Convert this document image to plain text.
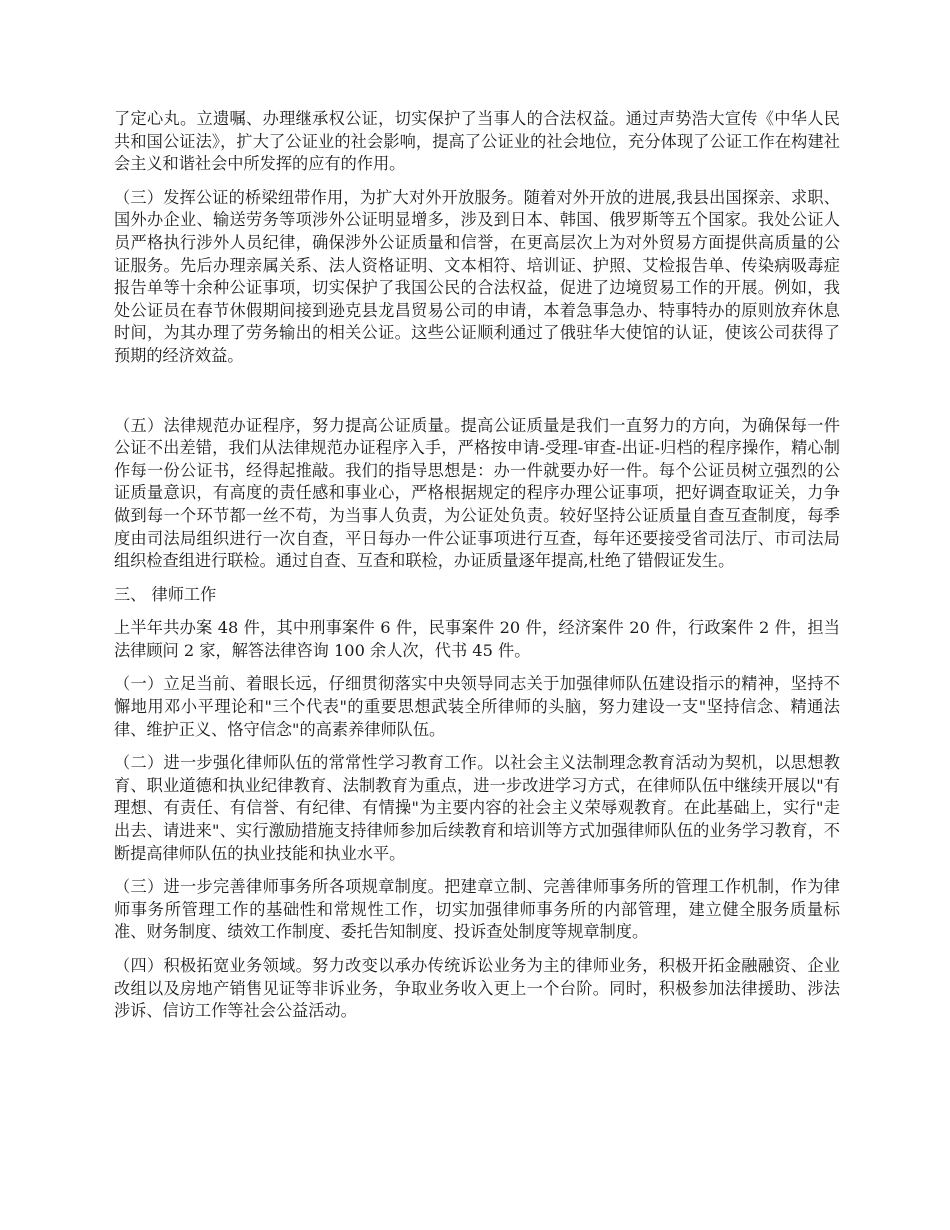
了定心丸。立遗嘱、办理继承权公证，切实保护了当事人的合法权益。通过声势浩大宣传《中华人民共和国公证法》，扩大了公证业的社会影响，提高了公证业的社会地位，充分体现了公证工作在构建社会主义和谐社会中所发挥的应有的作用。

（三）发挥公证的桥梁纽带作用，为扩大对外开放服务。随着对外开放的进展,我县出国探亲、求职、国外办企业、输送劳务等项涉外公证明显增多，涉及到日本、韩国、俄罗斯等五个国家。我处公证人员严格执行涉外人员纪律，确保涉外公证质量和信誉，在更高层次上为对外贸易方面提供高质量的公证服务。先后办理亲属关系、法人资格证明、文本相符、培训证、护照、艾检报告单、传染病吸毒症报告单等十余种公证事项，切实保护了我国公民的合法权益，促进了边境贸易工作的开展。例如，我处公证员在春节休假期间接到逊克县龙昌贸易公司的申请，本着急事急办、特事特办的原则放弃休息时间，为其办理了劳务输出的相关公证。这些公证顺利通过了俄驻华大使馆的认证，使该公司获得了预期的经济效益。

（五）法律规范办证程序，努力提高公证质量。提高公证质量是我们一直努力的方向，为确保每一件公证不出差错，我们从法律规范办证程序入手，严格按申请-受理-审查-出证-归档的程序操作，精心制作每一份公证书，经得起推敲。我们的指导思想是：办一件就要办好一件。每个公证员树立强烈的公证质量意识，有高度的责任感和事业心，严格根据规定的程序办理公证事项，把好调查取证关，力争做到每一个环节都一丝不苟，为当事人负责，为公证处负责。较好坚持公证质量自查互查制度，每季度由司法局组织进行一次自查，平日每办一件公证事项进行互查，每年还要接受省司法厅、市司法局组织检查组进行联检。通过自查、互查和联检，办证质量逐年提高,杜绝了错假证发生。

三、 律师工作

上半年共办案 48 件，其中刑事案件 6 件，民事案件 20 件，经济案件 20 件，行政案件 2 件，担当法律顾问 2 家，解答法律咨询 100 余人次，代书 45 件。

（一）立足当前、着眼长远，仔细贯彻落实中央领导同志关于加强律师队伍建设指示的精神，坚持不懈地用邓小平理论和"三个代表"的重要思想武装全所律师的头脑，努力建设一支"坚持信念、精通法律、维护正义、恪守信念"的高素养律师队伍。

（二）进一步强化律师队伍的常常性学习教育工作。以社会主义法制理念教育活动为契机，以思想教育、职业道德和执业纪律教育、法制教育为重点，进一步改进学习方式，在律师队伍中继续开展以"有理想、有责任、有信誉、有纪律、有情操"为主要内容的社会主义荣辱观教育。在此基础上，实行"走出去、请进来"、实行激励措施支持律师参加后续教育和培训等方式加强律师队伍的业务学习教育，不断提高律师队伍的执业技能和执业水平。

（三）进一步完善律师事务所各项规章制度。把建章立制、完善律师事务所的管理工作机制，作为律师事务所管理工作的基础性和常规性工作，切实加强律师事务所的内部管理，建立健全服务质量标准、财务制度、绩效工作制度、委托告知制度、投诉查处制度等规章制度。

（四）积极拓宽业务领域。努力改变以承办传统诉讼业务为主的律师业务，积极开拓金融融资、企业改组以及房地产销售见证等非诉业务，争取业务收入更上一个台阶。同时，积极参加法律援助、涉法涉诉、信访工作等社会公益活动。
